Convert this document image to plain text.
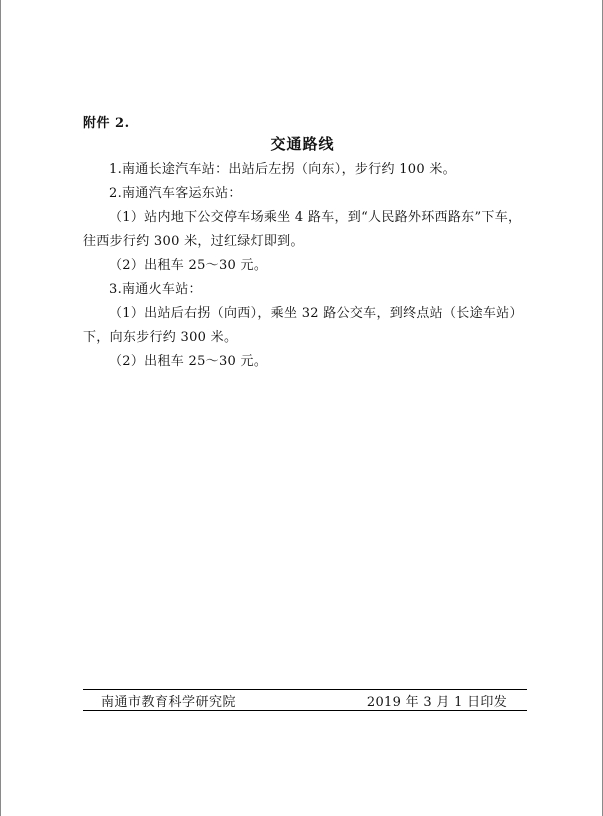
附件 2.
交通路线
1.南通长途汽车站：出站后左拐（向东），步行约 100 米。
2.南通汽车客运东站：
（1）站内地下公交停车场乘坐 4 路车，到“人民路外环西路东”下车，
往西步行约 300 米，过红绿灯即到。
（2）出租车 25～30 元。
3.南通火车站：
（1）出站后右拐（向西），乘坐 32 路公交车，到终点站（长途车站）
下，向东步行约 300 米。
（2）出租车 25～30 元。
南通市教育科学研究院	2019 年 3 月 1 日印发
